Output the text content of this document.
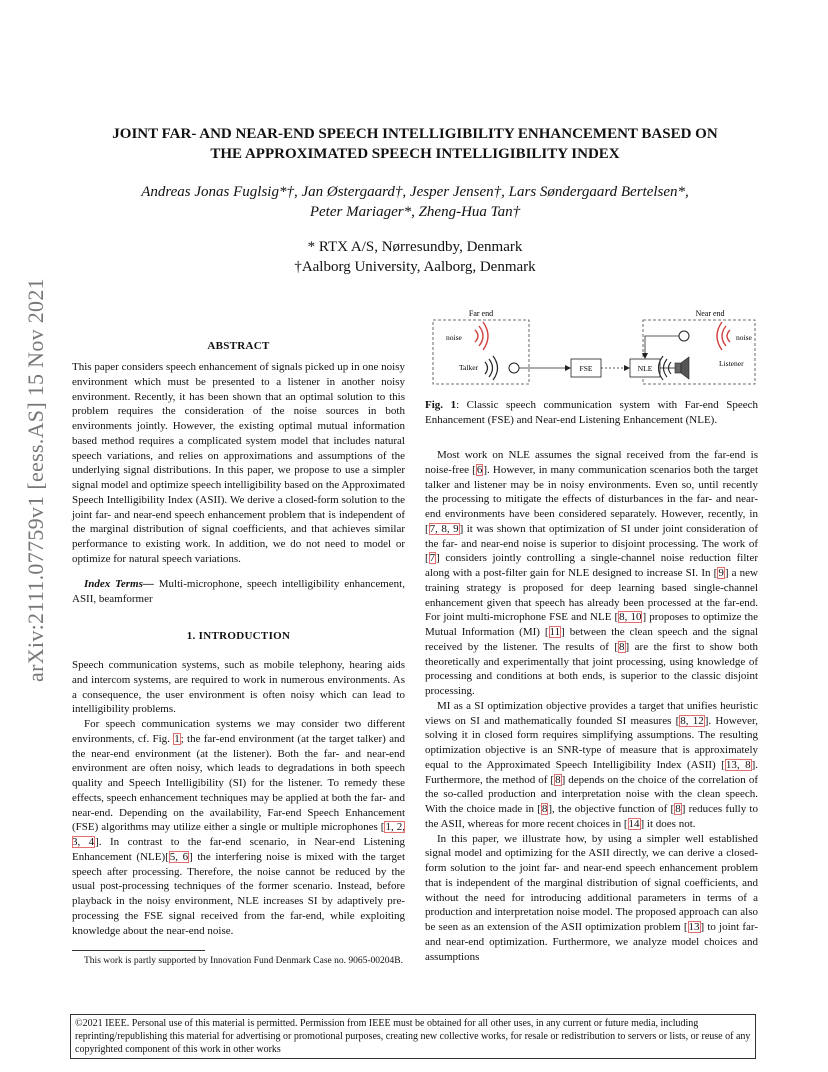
arXiv:2111.07759v1 [eess.AS] 15 Nov 2021
JOINT FAR- AND NEAR-END SPEECH INTELLIGIBILITY ENHANCEMENT BASED ON
THE APPROXIMATED SPEECH INTELLIGIBILITY INDEX
Andreas Jonas Fuglsig*†, Jan Østergaard†, Jesper Jensen†, Lars Søndergaard Bertelsen*,
Peter Mariager*, Zheng-Hua Tan†
* RTX A/S, Nørresundby, Denmark
†Aalborg University, Aalborg, Denmark
ABSTRACT

This paper considers speech enhancement of signals picked up in one noisy environment which must be presented to a listener in another noisy environment. Recently, it has been shown that an optimal solution to this problem requires the consideration of the noise sources in both environments jointly. However, the existing optimal mutual information based method requires a complicated system model that includes natural speech variations, and relies on approximations and assumptions of the underlying signal distributions. In this paper, we propose to use a simpler signal model and optimize speech intelligibility based on the Approximated Speech Intelligibility Index (ASII). We derive a closed-form solution to the joint far- and near-end speech enhancement problem that is independent of the marginal distribution of signal coefficients, and that achieves similar performance to existing work. In addition, we do not need to model or optimize for natural speech variations.

Index Terms— Multi-microphone, speech intelligibility enhancement, ASII, beamformer

1. INTRODUCTION

Speech communication systems, such as mobile telephony, hearing aids and intercom systems, are required to work in numerous environments. As a consequence, the user environment is often noisy which can lead to intelligibility problems.

For speech communication systems we may consider two different environments, cf. Fig. 1; the far-end environment (at the target talker) and the near-end environment (at the listener). Both the far- and near-end environment are often noisy, which leads to degradations in both speech quality and Speech Intelligibility (SI) for the listener. To remedy these effects, speech enhancement techniques may be applied at both the far- and near-end. Depending on the availability, Far-end Speech Enhancement (FSE) algorithms may utilize either a single or multiple microphones [1, 2, 3, 4]. In contrast to the far-end scenario, in Near-end Listening Enhancement (NLE)[5, 6] the interfering noise is mixed with the target speech after processing. Therefore, the noise cannot be reduced by the usual post-processing techniques of the former scenario. Instead, before playback in the noisy environment, NLE increases SI by adaptively pre-processing the FSE signal received from the far-end, while exploiting knowledge about the near-end noise.

This work is partly supported by Innovation Fund Denmark Case no. 9065-00204B.

Far end	Near end
noise
Talker
noise
Listener
FSE	NLE

Fig. 1: Classic speech communication system with Far-end Speech Enhancement (FSE) and Near-end Listening Enhancement (NLE).

Most work on NLE assumes the signal received from the far-end is noise-free [6]. However, in many communication scenarios both the target talker and listener may be in noisy environments. Even so, until recently the processing to mitigate the effects of disturbances in the far- and near-end environments have been considered separately. However, recently, in [7, 8, 9] it was shown that optimization of SI under joint consideration of the far- and near-end noise is superior to disjoint processing. The work of [7] considers jointly controlling a single-channel noise reduction filter along with a post-filter gain for NLE designed to increase SI. In [9] a new training strategy is proposed for deep learning based single-channel enhancement given that speech has already been processed at the far-end. For joint multi-microphone FSE and NLE [8, 10] proposes to optimize the Mutual Information (MI) [11] between the clean speech and the signal received by the listener. The results of [8] are the first to show both theoretically and experimentally that joint processing, using knowledge of processing and conditions at both ends, is superior to the classic disjoint processing.

MI as a SI optimization objective provides a target that unifies heuristic views on SI and mathematically founded SI measures [8, 12]. However, solving it in closed form requires simplifying assumptions. The resulting optimization objective is an SNR-type of measure that is approximately equal to the Approximated Speech Intelligibility Index (ASII) [13, 8]. Furthermore, the method of [8] depends on the choice of the correlation of the so-called production and interpretation noise with the clean speech. With the choice made in [8], the objective function of [8] reduces fully to the ASII, whereas for more recent choices in [14] it does not.

In this paper, we illustrate how, by using a simpler well established signal model and optimizing for the ASII directly, we can derive a closed-form solution to the joint far- and near-end speech enhancement problem that is independent of the marginal distribution of signal coefficients, and without the need for introducing additional parameters in terms of a production and interpretation noise model. The proposed approach can also be seen as an extension of the ASII optimization problem [13] to joint far- and near-end optimization. Furthermore, we analyze model choices and assumptions

©2021 IEEE. Personal use of this material is permitted. Permission from IEEE must be obtained for all other uses, in any current or future media, including reprinting/republishing this material for advertising or promotional purposes, creating new collective works, for resale or redistribution to servers or lists, or reuse of any copyrighted component of this work in other works
